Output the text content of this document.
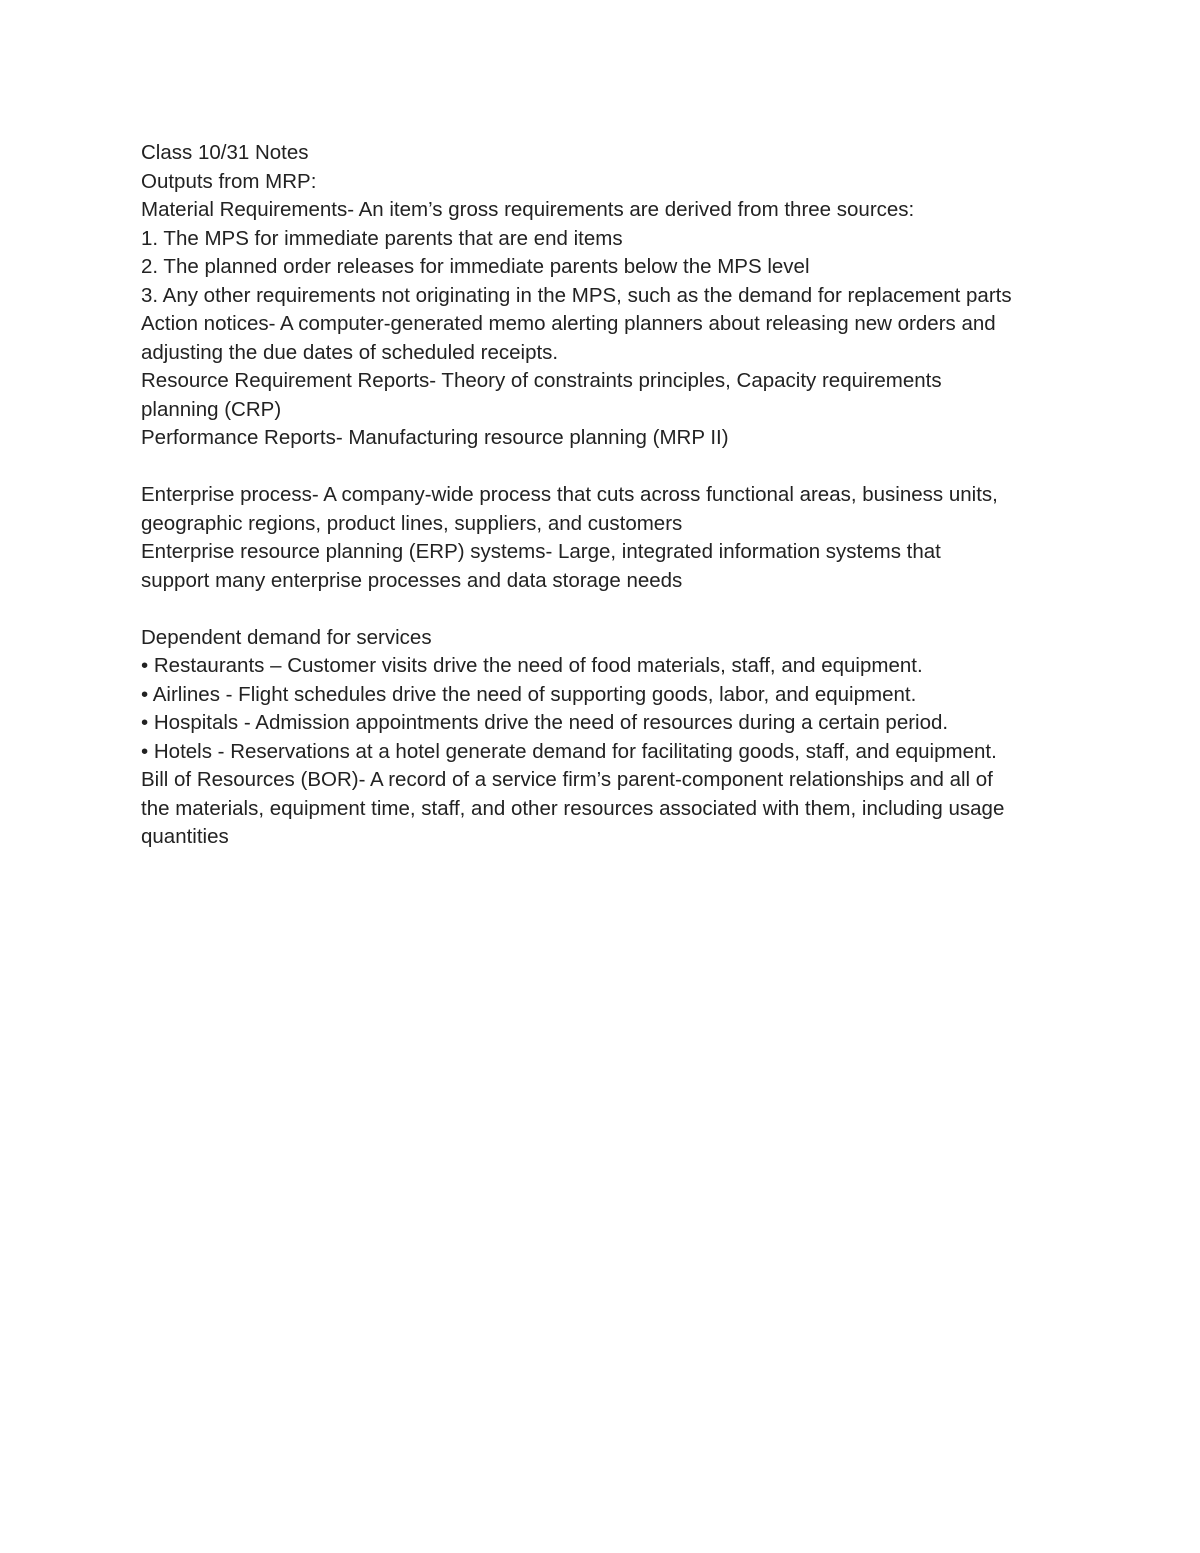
Class 10/31 Notes

Outputs from MRP:

Material Requirements- An item’s gross requirements are derived from three sources:

1. The MPS for immediate parents that are end items

2. The planned order releases for immediate parents below the MPS level

3. Any other requirements not originating in the MPS, such as the demand for replacement parts

Action notices- A computer-generated memo alerting planners about releasing new orders and

adjusting the due dates of scheduled receipts.

Resource Requirement Reports- Theory of constraints principles, Capacity requirements

planning (CRP)

Performance Reports- Manufacturing resource planning (MRP II)

Enterprise process- A company-wide process that cuts across functional areas, business units,

geographic regions, product lines, suppliers, and customers

Enterprise resource planning (ERP) systems- Large, integrated information systems that

support many enterprise processes and data storage needs

Dependent demand for services

• Restaurants – Customer visits drive the need of food materials, staff, and equipment.

• Airlines - Flight schedules drive the need of supporting goods, labor, and equipment.

• Hospitals - Admission appointments drive the need of resources during a certain period.

• Hotels - Reservations at a hotel generate demand for facilitating goods, staff, and equipment.

Bill of Resources (BOR)- A record of a service firm’s parent-component relationships and all of

the materials, equipment time, staff, and other resources associated with them, including usage

quantities
